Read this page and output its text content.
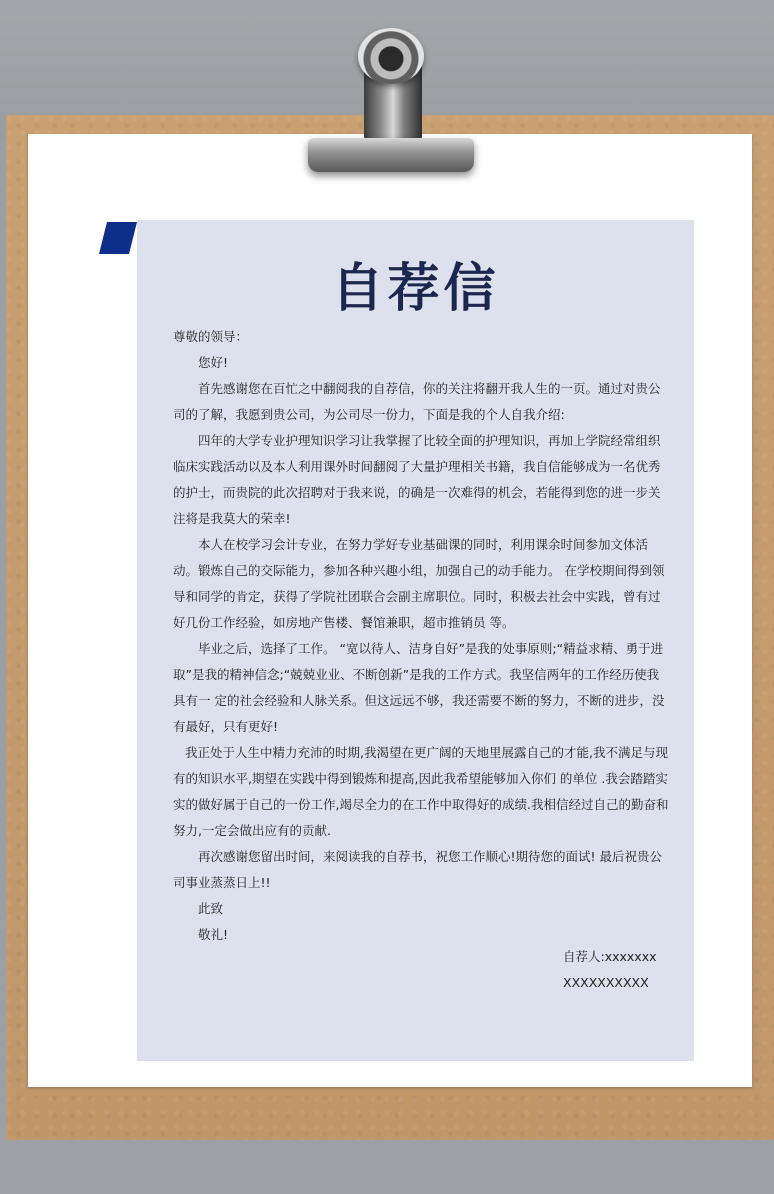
自荐信

尊敬的领导：

您好!

首先感谢您在百忙之中翻阅我的自荐信，你的关注将翻开我人生的一页。通过对贵公司的了解，我愿到贵公司，为公司尽一份力，下面是我的个人自我介绍:

四年的大学专业护理知识学习让我掌握了比较全面的护理知识，再加上学院经常组织临床实践活动以及本人利用课外时间翻阅了大量护理相关书籍，我自信能够成为一名优秀的护士，而贵院的此次招聘对于我来说，的确是一次难得的机会，若能得到您的进一步关注将是我莫大的荣幸!

本人在校学习会计专业，在努力学好专业基础课的同时，利用课余时间参加文体活动。锻炼自己的交际能力，参加各种兴趣小组，加强自己的动手能力。 在学校期间得到领导和同学的肯定，获得了学院社团联合会副主席职位。同时，积极去社会中实践，曾有过好几份工作经验，如房地产售楼、餐馆兼职，超市推销员 等。

毕业之后，选择了工作。 “宽以待人、洁身自好”是我的处事原则;“精益求精、勇于进取”是我的精神信念;“兢兢业业、不断创新”是我的工作方式。我坚信两年的工作经历使我具有一 定的社会经验和人脉关系。但这远远不够，我还需要不断的努力，不断的进步，没有最好，只有更好!

我正处于人生中精力充沛的时期,我渴望在更广阔的天地里展露自己的才能,我不满足与现有的知识水平,期望在实践中得到锻炼和提高,因此我希望能够加入你们 的单位 .我会踏踏实实的做好属于自己的一份工作,竭尽全力的在工作中取得好的成绩.我相信经过自己的勤奋和努力,一定会做出应有的贡献.

再次感谢您留出时间，来阅读我的自荐书，祝您工作顺心!期待您的面试! 最后祝贵公司事业蒸蒸日上!!

此致

敬礼!

自荐人:xxxxxxx
XXXXXXXXXX
